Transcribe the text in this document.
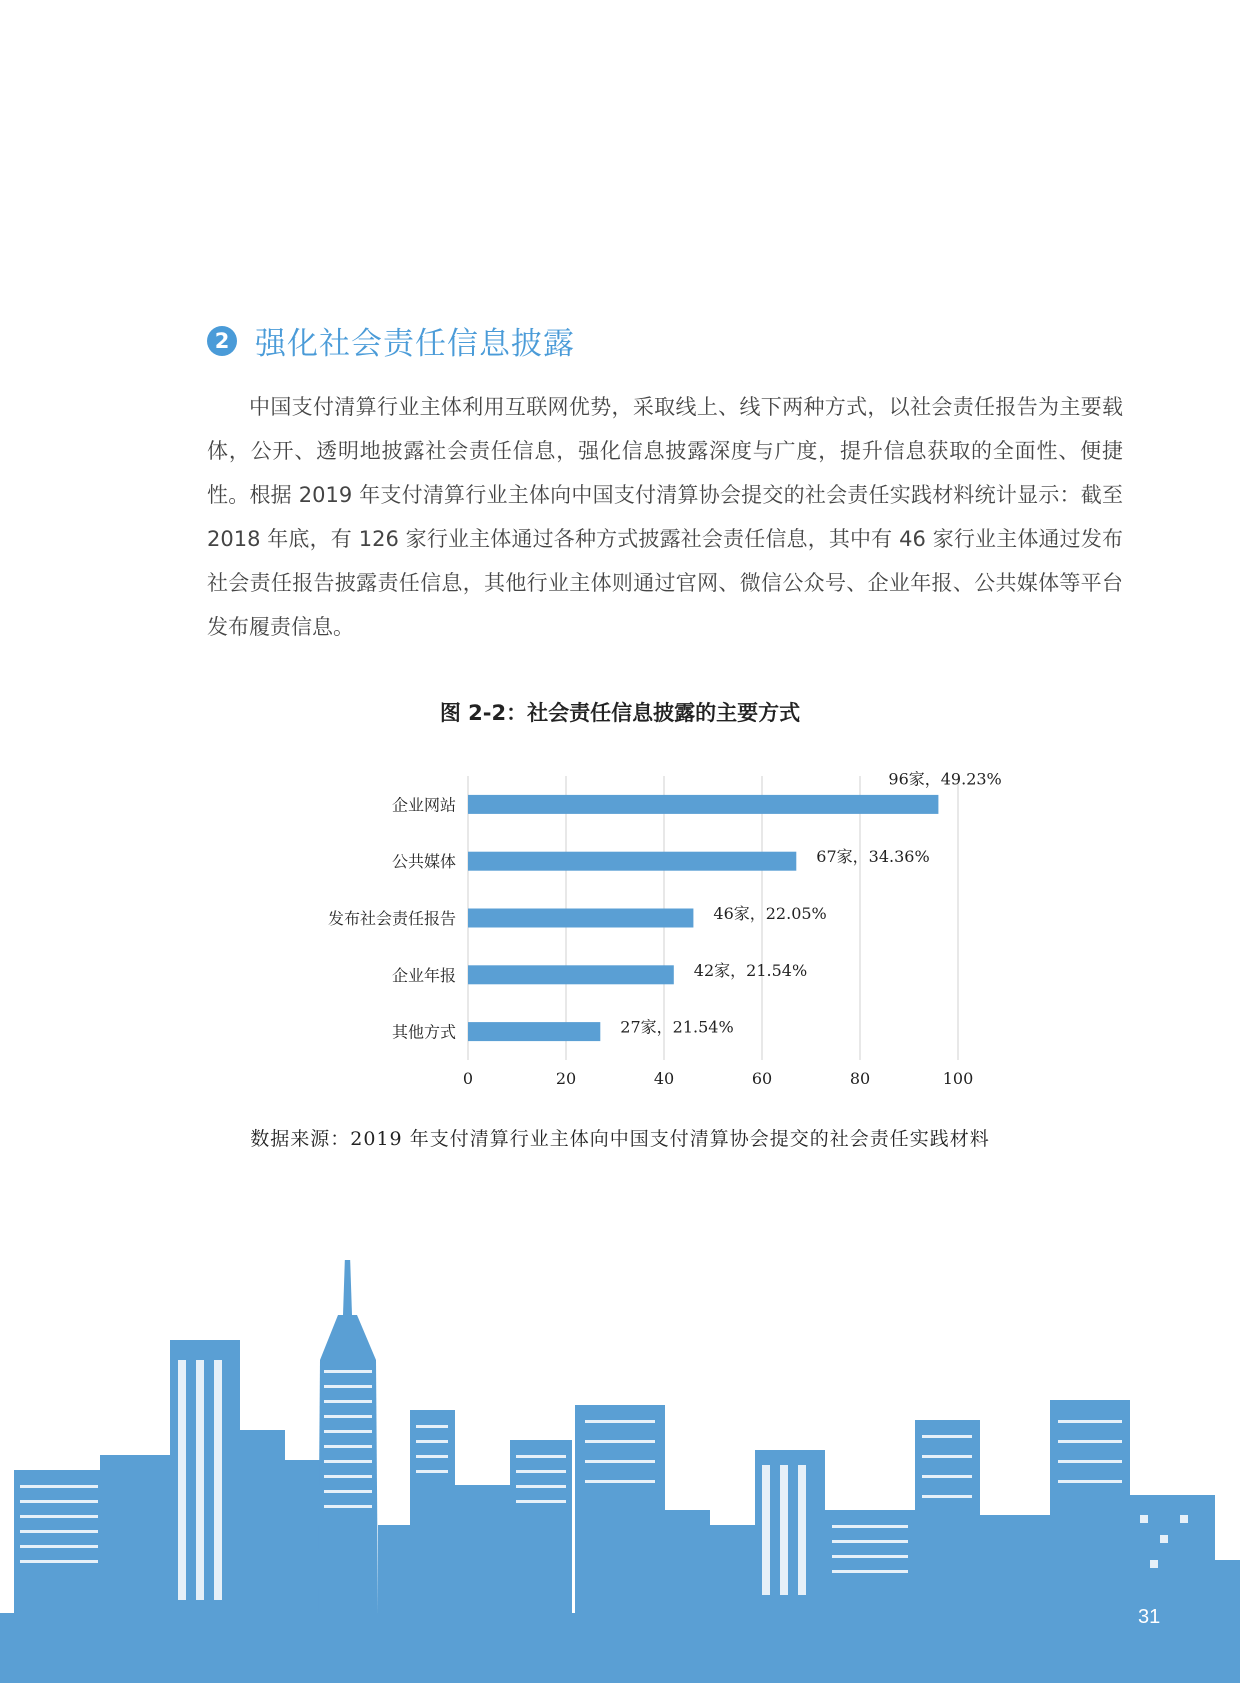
2 强化社会责任信息披露

中国支付清算行业主体利用互联网优势，采取线上、线下两种方式，以社会责任报告为主要载体，公开、透明地披露社会责任信息，强化信息披露深度与广度，提升信息获取的全面性、便捷性。根据 2019 年支付清算行业主体向中国支付清算协会提交的社会责任实践材料统计显示：截至 2018 年底，有 126 家行业主体通过各种方式披露社会责任信息，其中有 46 家行业主体通过发布社会责任报告披露责任信息，其他行业主体则通过官网、微信公众号、企业年报、公共媒体等平台发布履责信息。

图 2-2：社会责任信息披露的主要方式
0	20	40	60	80	100
企业网站
96家，49.23%
公共媒体	67家，34.36%
发布社会责任报告	46家，22.05%
企业年报	42家，21.54%
其他方式	27家，21.54%
数据来源：2019 年支付清算行业主体向中国支付清算协会提交的社会责任实践材料
31
